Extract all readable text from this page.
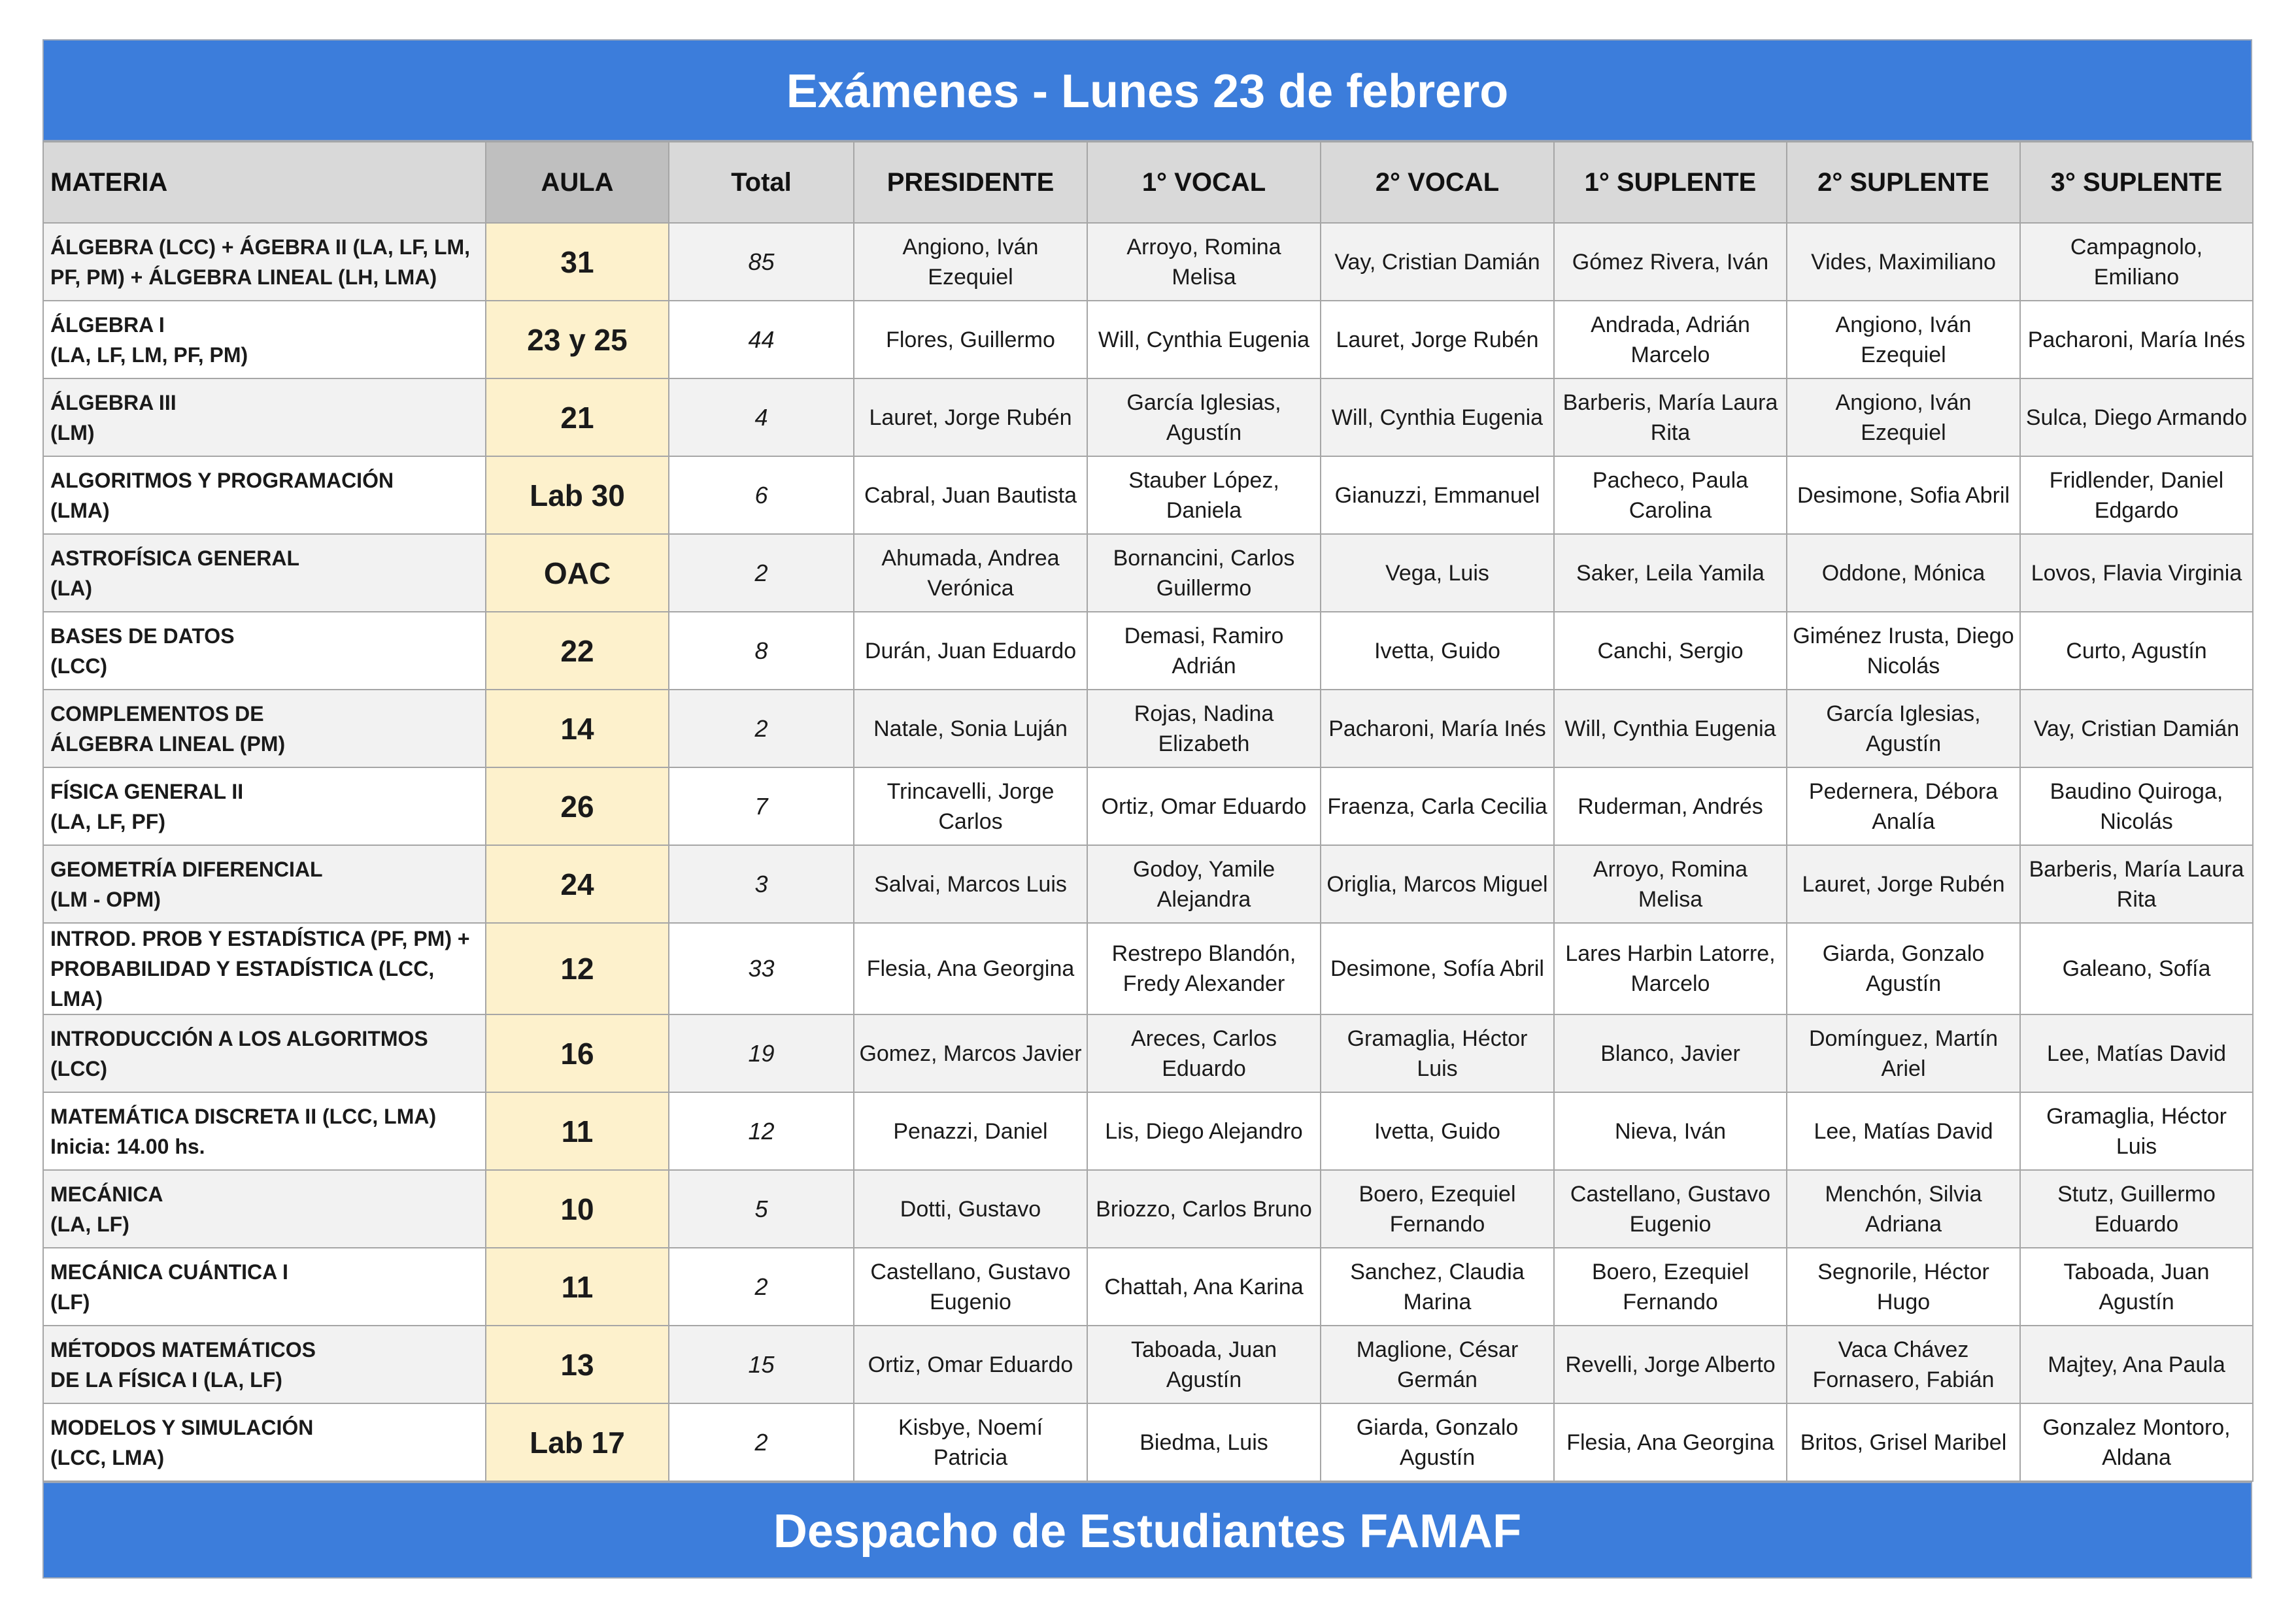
Exámenes - Lunes 23 de febrero
MATERIA	AULA	Total	PRESIDENTE	1° VOCAL	2° VOCAL	1° SUPLENTE	2° SUPLENTE	3° SUPLENTE
ÁLGEBRA (LCC) + ÁGEBRA II (LA, LF, LM,
PF, PM) + ÁLGEBRA LINEAL (LH, LMA)	31	85	Angiono, Iván Ezequiel	Arroyo, Romina Melisa	Vay, Cristian Damián	Gómez Rivera, Iván	Vides, Maximiliano	Campagnolo, Emiliano
ÁLGEBRA I
(LA, LF, LM, PF, PM)	23 y 25	44	Flores, Guillermo	Will, Cynthia Eugenia	Lauret, Jorge Rubén	Andrada, Adrián Marcelo	Angiono, Iván Ezequiel	Pacharoni, María Inés
ÁLGEBRA III
(LM)	21	4	Lauret, Jorge Rubén	García Iglesias, Agustín	Will, Cynthia Eugenia	Barberis, María Laura Rita	Angiono, Iván Ezequiel	Sulca, Diego Armando
ALGORITMOS Y PROGRAMACIÓN
(LMA)	Lab 30	6	Cabral, Juan Bautista	Stauber López, Daniela	Gianuzzi, Emmanuel	Pacheco, Paula Carolina	Desimone, Sofia Abril	Fridlender, Daniel Edgardo
ASTROFÍSICA GENERAL
(LA)	OAC	2	Ahumada, Andrea Verónica	Bornancini, Carlos Guillermo	Vega, Luis	Saker, Leila Yamila	Oddone, Mónica	Lovos, Flavia Virginia
BASES DE DATOS
(LCC)	22	8	Durán, Juan Eduardo	Demasi, Ramiro Adrián	Ivetta, Guido	Canchi, Sergio	Giménez Irusta, Diego Nicolás	Curto, Agustín
COMPLEMENTOS DE
ÁLGEBRA LINEAL (PM)	14	2	Natale, Sonia Luján	Rojas, Nadina Elizabeth	Pacharoni, María Inés	Will, Cynthia Eugenia	García Iglesias, Agustín	Vay, Cristian Damián
FÍSICA GENERAL II
(LA, LF, PF)	26	7	Trincavelli, Jorge Carlos	Ortiz, Omar Eduardo	Fraenza, Carla Cecilia	Ruderman, Andrés	Pedernera, Débora Analía	Baudino Quiroga, Nicolás
GEOMETRÍA DIFERENCIAL
(LM - OPM)	24	3	Salvai, Marcos Luis	Godoy, Yamile Alejandra	Origlia, Marcos Miguel	Arroyo, Romina Melisa	Lauret, Jorge Rubén	Barberis, María Laura Rita
INTROD. PROB Y ESTADÍSTICA (PF, PM) +
PROBABILIDAD Y ESTADÍSTICA (LCC, LMA)	12	33	Flesia, Ana Georgina	Restrepo Blandón, Fredy Alexander	Desimone, Sofía Abril	Lares Harbin Latorre, Marcelo	Giarda, Gonzalo Agustín	Galeano, Sofía
INTRODUCCIÓN A LOS ALGORITMOS
(LCC)	16	19	Gomez, Marcos Javier	Areces, Carlos Eduardo	Gramaglia, Héctor Luis	Blanco, Javier	Domínguez, Martín Ariel	Lee, Matías David
MATEMÁTICA DISCRETA II (LCC, LMA)
Inicia: 14.00 hs.	11	12	Penazzi, Daniel	Lis, Diego Alejandro	Ivetta, Guido	Nieva, Iván	Lee, Matías David	Gramaglia, Héctor Luis
MECÁNICA
(LA, LF)	10	5	Dotti, Gustavo	Briozzo, Carlos Bruno	Boero, Ezequiel Fernando	Castellano, Gustavo Eugenio	Menchón, Silvia Adriana	Stutz, Guillermo Eduardo
MECÁNICA CUÁNTICA I
(LF)	11	2	Castellano, Gustavo Eugenio	Chattah, Ana Karina	Sanchez, Claudia Marina	Boero, Ezequiel Fernando	Segnorile, Héctor Hugo	Taboada, Juan Agustín
MÉTODOS MATEMÁTICOS
DE LA FÍSICA I (LA, LF)	13	15	Ortiz, Omar Eduardo	Taboada, Juan Agustín	Maglione, César Germán	Revelli, Jorge Alberto	Vaca Chávez Fornasero, Fabián	Majtey, Ana Paula
MODELOS Y SIMULACIÓN
(LCC, LMA)	Lab 17	2	Kisbye, Noemí Patricia	Biedma, Luis	Giarda, Gonzalo Agustín	Flesia, Ana Georgina	Britos, Grisel Maribel	Gonzalez Montoro, Aldana
Despacho de Estudiantes FAMAF
